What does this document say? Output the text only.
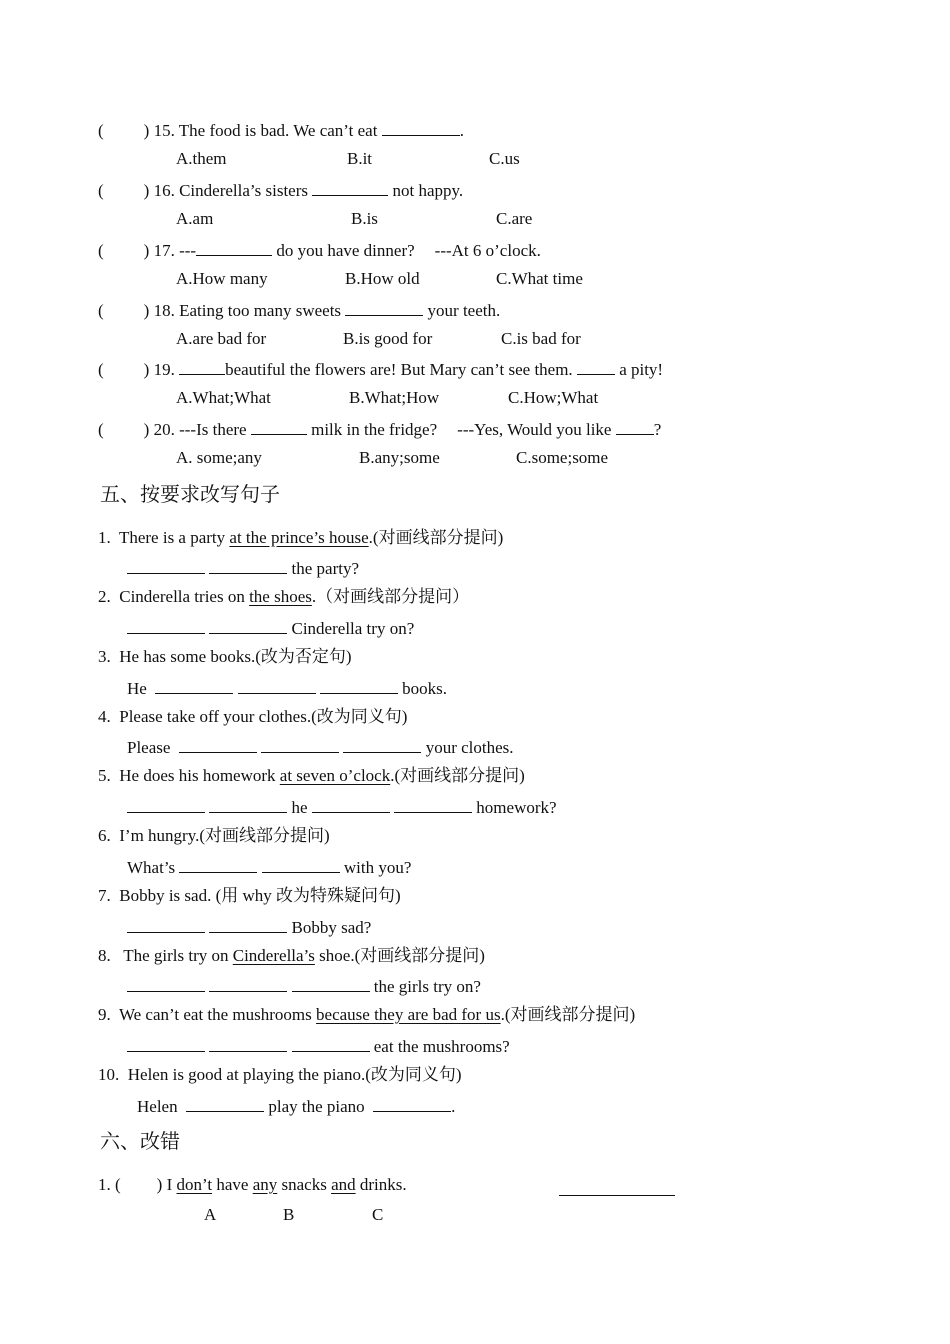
( ) 15. The food is bad. We can’t eat	.
A.them	B.it	C.us
( ) 16. Cinderella’s sisters	not happy.
A.am	B.is	C.are
( ) 17. ---	do you have dinner? ---At 6 o’clock.
A.How many	B.How old	C.What time
( ) 18. Eating too many sweets	your teeth.
A.are bad for	B.is good for	C.is bad for
( ) 19.	beautiful the flowers are! But Mary can’t see them.	a pity!
A.What;What	B.What;How	C.How;What
( ) 20. ---Is there	milk in the fridge? ---Yes, Would you like ?
A. some;any	B.any;some	C.some;some
五、按要求改写句子
1. There is a party at the prince’s house.(对画线部分提问)
the party?
2. Cinderella tries on the shoes.（对画线部分提问）
Cinderella try on?
3. He has some books.(改为否定句)
He	books.
4. Please take off your clothes.(改为同义句)
Please	your clothes.
5. He does his homework at seven o’clock.(对画线部分提问)
he	homework?
6. I’m hungry.(对画线部分提问)
What’s	with you?
7. Bobby is sad. (用 why 改为特殊疑问句)
Bobby sad?
8. The girls try on Cinderella’s shoe.(对画线部分提问)
the girls try on?
9. We can’t eat the mushrooms because they are bad for us.(对画线部分提问)
eat the mushrooms?
10. Helen is good at playing the piano.(改为同义句)
Helen	play the piano	.
六、改错
1. ( ) I don’t have any snacks and drinks.
A	B	C
